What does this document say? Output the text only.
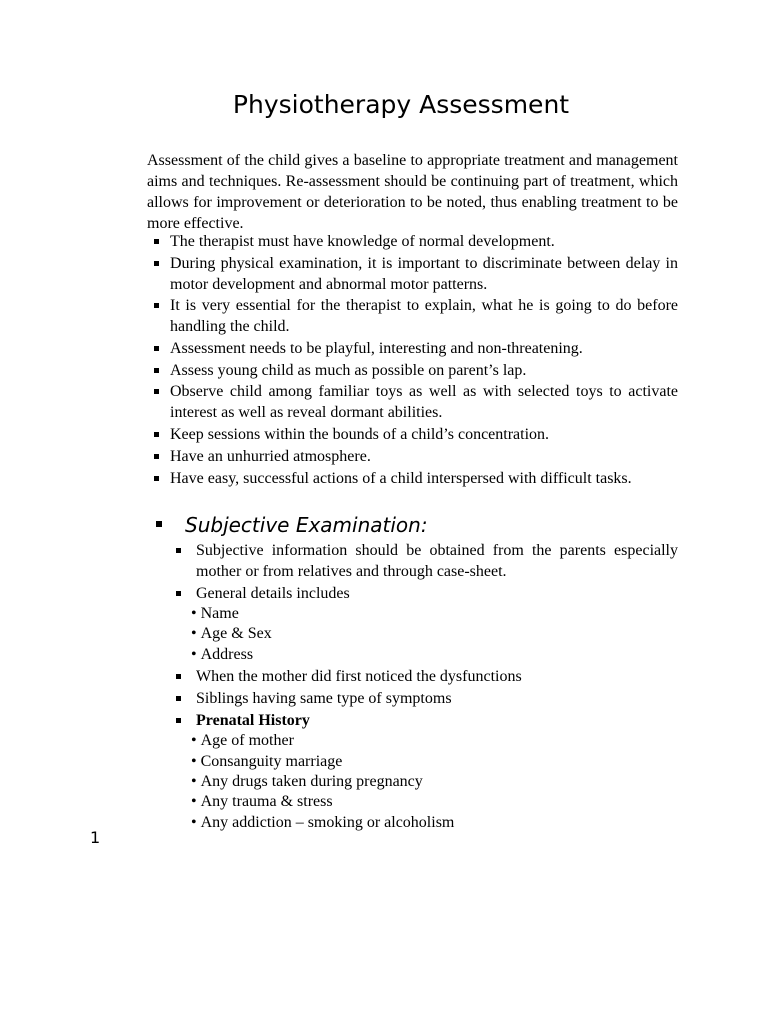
Physiotherapy Assessment
Assessment of the child gives a baseline to appropriate treatment and management aims and techniques. Re-assessment should be continuing part of treatment, which allows for improvement or deterioration to be noted, thus enabling treatment to be more effective.
The therapist must have knowledge of normal development.
During physical examination, it is important to discriminate between delay in motor development and abnormal motor patterns.
It is very essential for the therapist to explain, what he is going to do before handling the child.
Assessment needs to be playful, interesting and non-threatening.
Assess young child as much as possible on parent’s lap.
Observe child among familiar toys as well as with selected toys to activate interest as well as reveal dormant abilities.
Keep sessions within the bounds of a child’s concentration.
Have an unhurried atmosphere.
Have easy, successful actions of a child interspersed with difficult tasks.
Subjective Examination:
Subjective information should be obtained from the parents especially mother or from relatives and through case-sheet.
General details includes
• Name
• Age & Sex
• Address
When the mother did first noticed the dysfunctions
Siblings having same type of symptoms
Prenatal History
• Age of mother
• Consanguity marriage
• Any drugs taken during pregnancy
• Any trauma & stress
• Any addiction – smoking or alcoholism
1
